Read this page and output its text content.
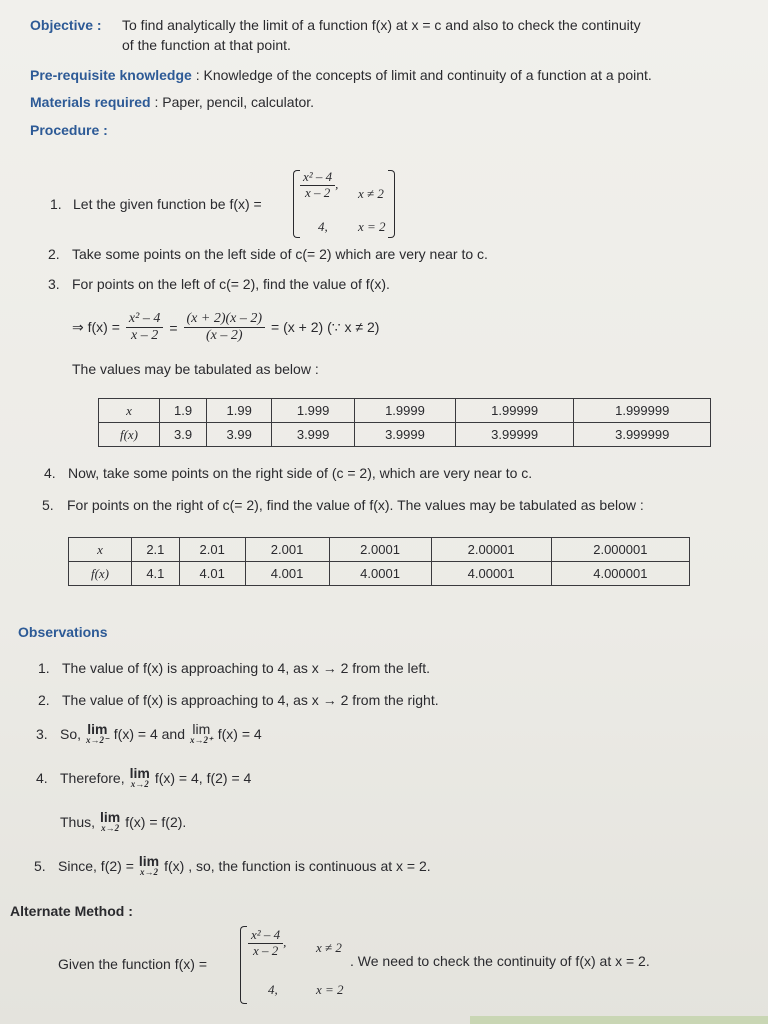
Objective : To find analytically the limit of a function f(x) at x = c and also to check the continuity
of the function at that point.
Pre-requisite knowledge : Knowledge of the concepts of limit and continuity of a function at a point.
Materials required : Paper, pencil, calculator.
Procedure :
1. Let the given function be f(x) =
$\frac{\text{x² – 4}}{x - 2}$ ,
x ≠ 2
4, x = 2
2. Take some points on the left side of c(= 2) which are very near to c.
3. For points on the left of c(= 2), find the value of f(x).
⇒ $f(x) = \frac{\text{x² – 4}}{x - 2} = \frac{(x + 2)(x - 2)}{(x - 2)} = (x + 2)$ (∵ x ≠ 2)
The values may be tabulated as below :
x	1.9	1.99	1.999	1.9999	1.99999	1.999999
f(x)	3.9	3.99	3.999	3.9999	3.99999	3.999999
4. Now, take some points on the right side of (c = 2), which are very near to c.
5. For points on the right of c(= 2), find the value of f(x). The values may be tabulated as below :
x	2.1	2.01	2.001	2.0001	2.00001	2.000001
f(x)	4.1	4.01	4.001	4.0001	4.00001	4.000001
Observations
1. The value of f(x) is approaching to 4, as x → 2 from the left.
2. The value of f(x) is approaching to 4, as x → 2 from the right.
3. So, lim
x→2⁻ f(x) = 4 and lim
x→2⁺ f(x) = 4
4. Therefore, lim
x→2 f(x) = 4, f(2) = 4
Thus, lim
x→2 f(x) = f(2).
5. Since, f(2) = lim
x→2 f(x) , so, the function is continuous at x = 2.
Alternate Method :
Given the function f(x) =
$\frac{\text{x² – 4}}{x - 2}$ , x ≠ 2
4,	x = 2
. We need to check the continuity of f(x) at x = 2.
